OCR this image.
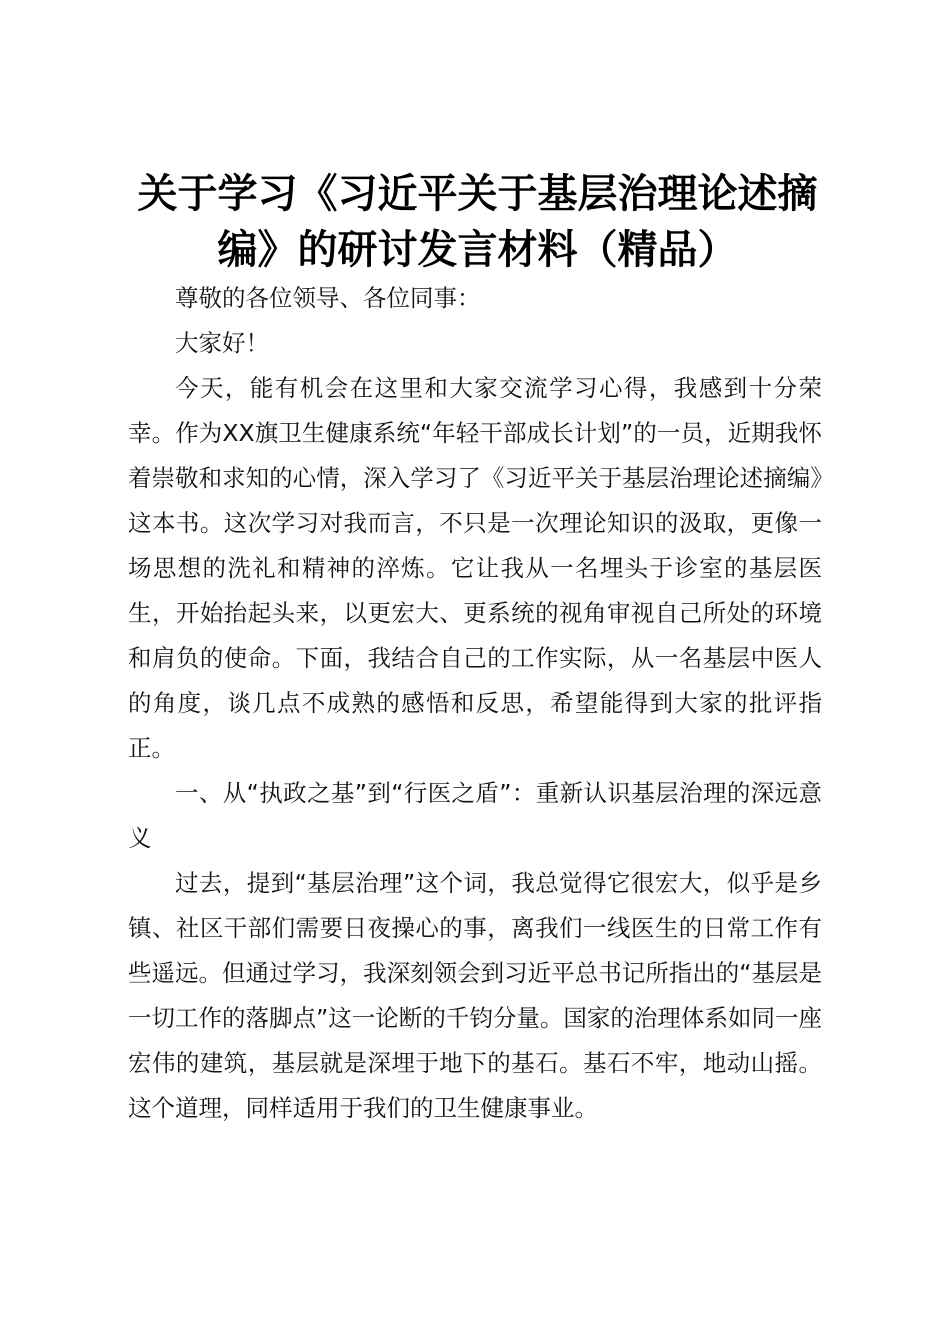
关于学习《习近平关于基层治理论述摘编》的研讨发言材料（精品）

尊敬的各位领导、各位同事：

大家好！

今天，能有机会在这里和大家交流学习心得，我感到十分荣幸。作为XX旗卫生健康系统“年轻干部成长计划”的一员，近期我怀着崇敬和求知的心情，深入学习了《习近平关于基层治理论述摘编》这本书。这次学习对我而言，不只是一次理论知识的汲取，更像一场思想的洗礼和精神的淬炼。它让我从一名埋头于诊室的基层医生，开始抬起头来，以更宏大、更系统的视角审视自己所处的环境和肩负的使命。下面，我结合自己的工作实际，从一名基层中医人的角度，谈几点不成熟的感悟和反思，希望能得到大家的批评指正。

一、从“执政之基”到“行医之盾”：重新认识基层治理的深远意义

过去，提到“基层治理”这个词，我总觉得它很宏大，似乎是乡镇、社区干部们需要日夜操心的事，离我们一线医生的日常工作有些遥远。但通过学习，我深刻领会到习近平总书记所指出的“基层是一切工作的落脚点”这一论断的千钧分量。国家的治理体系如同一座宏伟的建筑，基层就是深埋于地下的基石。基石不牢，地动山摇。这个道理，同样适用于我们的卫生健康事业。
